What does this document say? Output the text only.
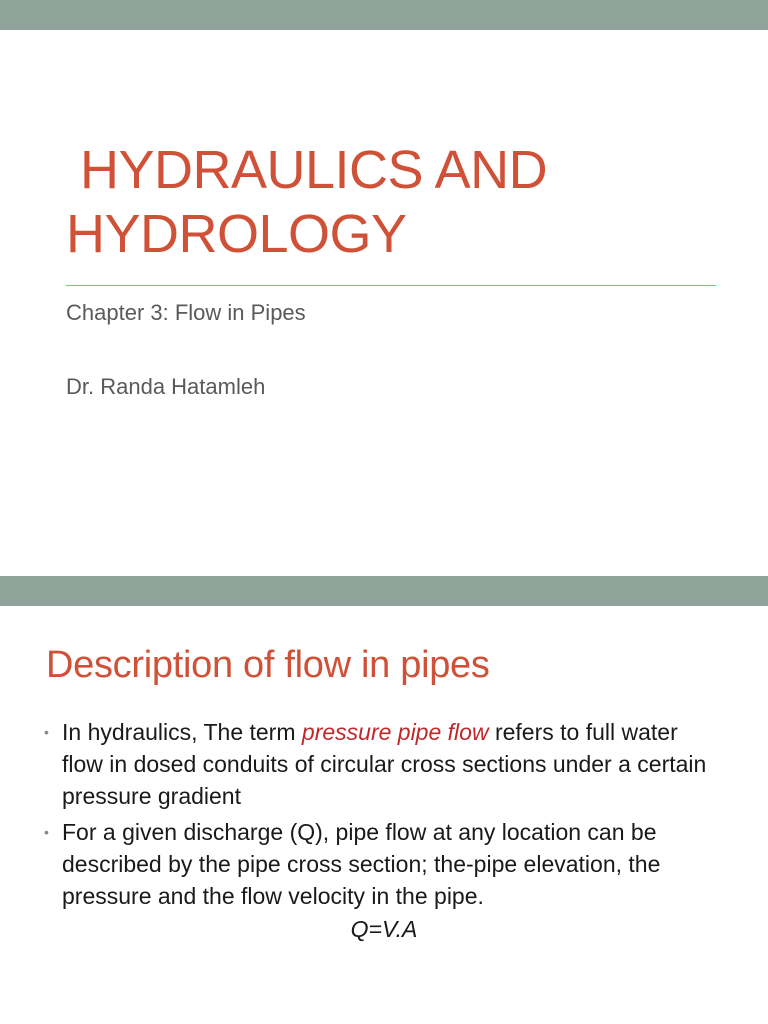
HYDRAULICS AND
HYDROLOGY

Chapter 3: Flow in Pipes

Dr. Randa Hatamleh

Description of flow in pipes
• In hydraulics, The term pressure pipe flow refers to full water flow in dosed conduits of circular cross sections under a certain pressure gradient
• For a given discharge (Q), pipe flow at any location can be described by the pipe cross section; the-pipe elevation, the pressure and the flow velocity in the pipe.
Q=V.A
